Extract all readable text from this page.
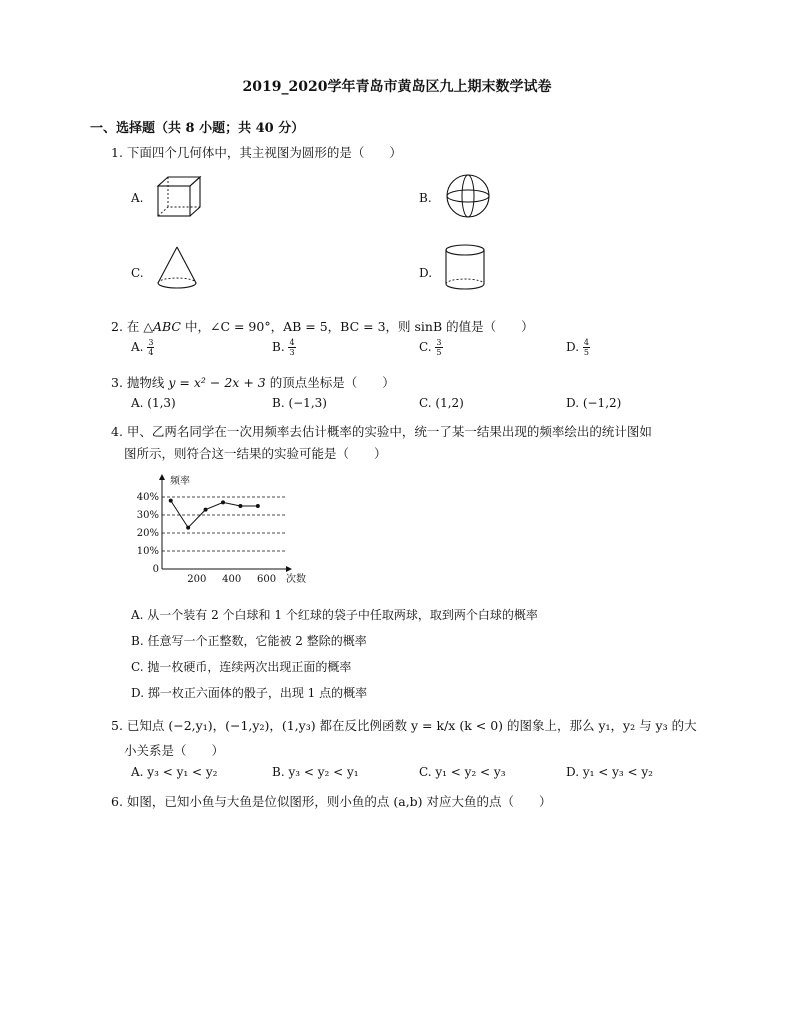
2019_2020学年青岛市黄岛区九上期末数学试卷
一、选择题（共 8 小题；共 40 分）
1. 下面四个几何体中，其主视图为圆形的是（　　）
A.	B.
C.	D.
2. 在 △ABC 中，∠C = 90°，AB = 5，BC = 3，则 sinB 的值是（　　）
A. $\frac{3}{4}$	B. $\frac{4}{3}$	C. $\frac{3}{5}$	D. $\frac{4}{5}$
3. 抛物线 y = x² − 2x + 3 的顶点坐标是（　　）
A. (1,3)	B. (−1,3)	C. (1,2)	D. (−1,2)
4. 甲、乙两名同学在一次用频率去估计概率的实验中，统一了某一结果出现的频率绘出的统计图如
图所示，则符合这一结果的实验可能是（　　）
频率
次数
0
10%
20%
30%
40%
200 400 600
A. 从一个装有 2 个白球和 1 个红球的袋子中任取两球，取到两个白球的概率
B. 任意写一个正整数，它能被 2 整除的概率
C. 抛一枚硬币，连续两次出现正面的概率
D. 掷一枚正六面体的骰子，出现 1 点的概率
5. 已知点 (−2,y₁)，(−1,y₂)，(1,y₃) 都在反比例函数 y = k/x (k < 0) 的图象上，那么 y₁，y₂ 与 y₃ 的大
小关系是（　　）
A. y₃ < y₁ < y₂	B. y₃ < y₂ < y₁	C. y₁ < y₂ < y₃	D. y₁ < y₃ < y₂
6. 如图，已知小鱼与大鱼是位似图形，则小鱼的点 (a,b) 对应大鱼的点（　　）
